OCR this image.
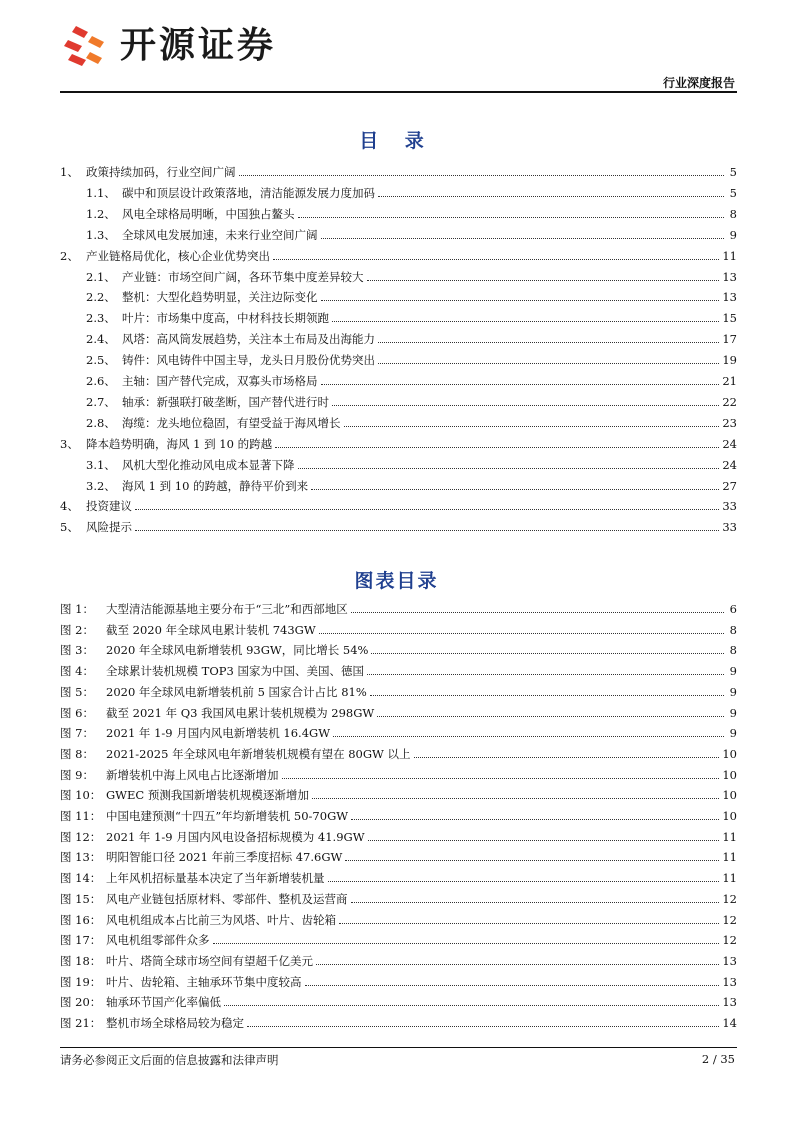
开源证券
行业深度报告
目 录
1、 政策持续加码，行业空间广阔	5
1.1、 碳中和顶层设计政策落地，清洁能源发展力度加码	5
1.2、 风电全球格局明晰，中国独占鳌头	8
1.3、 全球风电发展加速，未来行业空间广阔	9
2、 产业链格局优化，核心企业优势突出	11
2.1、 产业链：市场空间广阔，各环节集中度差异较大	13
2.2、 整机：大型化趋势明显，关注边际变化	13
2.3、 叶片：市场集中度高，中材科技长期领跑	15
2.4、 风塔：高风筒发展趋势，关注本土布局及出海能力	17
2.5、 铸件：风电铸件中国主导，龙头日月股份优势突出	19
2.6、 主轴：国产替代完成，双寡头市场格局	21
2.7、 轴承：新强联打破垄断，国产替代进行时	22
2.8、 海缆：龙头地位稳固，有望受益于海风增长	23
3、 降本趋势明确，海风 1 到 10 的跨越	24
3.1、 风机大型化推动风电成本显著下降	24
3.2、 海风 1 到 10 的跨越，静待平价到来	27
4、 投资建议	33
5、 风险提示	33
图表目录
图 1：	大型清洁能源基地主要分布于“三北”和西部地区	6
图 2：	截至 2020 年全球风电累计装机 743GW	8
图 3：	2020 年全球风电新增装机 93GW，同比增长 54%	8
图 4：	全球累计装机规模 TOP3 国家为中国、美国、德国	9
图 5：	2020 年全球风电新增装机前 5 国家合计占比 81%	9
图 6：	截至 2021 年 Q3 我国风电累计装机规模为 298GW	9
图 7：	2021 年 1-9 月国内风电新增装机 16.4GW	9
图 8：	2021-2025 年全球风电年新增装机规模有望在 80GW 以上	10
图 9：	新增装机中海上风电占比逐渐增加	10
图 10： GWEC 预测我国新增装机规模逐渐增加	10
图 11： 中国电建预测“十四五”年均新增装机 50-70GW	10
图 12： 2021 年 1-9 月国内风电设备招标规模为 41.9GW	11
图 13： 明阳智能口径 2021 年前三季度招标 47.6GW	11
图 14： 上年风机招标量基本决定了当年新增装机量	11
图 15： 风电产业链包括原材料、零部件、整机及运营商	12
图 16： 风电机组成本占比前三为风塔、叶片、齿轮箱	12
图 17： 风电机组零部件众多	12
图 18： 叶片、塔筒全球市场空间有望超千亿美元	13
图 19： 叶片、齿轮箱、主轴承环节集中度较高	13
图 20： 轴承环节国产化率偏低	13
图 21： 整机市场全球格局较为稳定	14
请务必参阅正文后面的信息披露和法律声明	2 / 35
